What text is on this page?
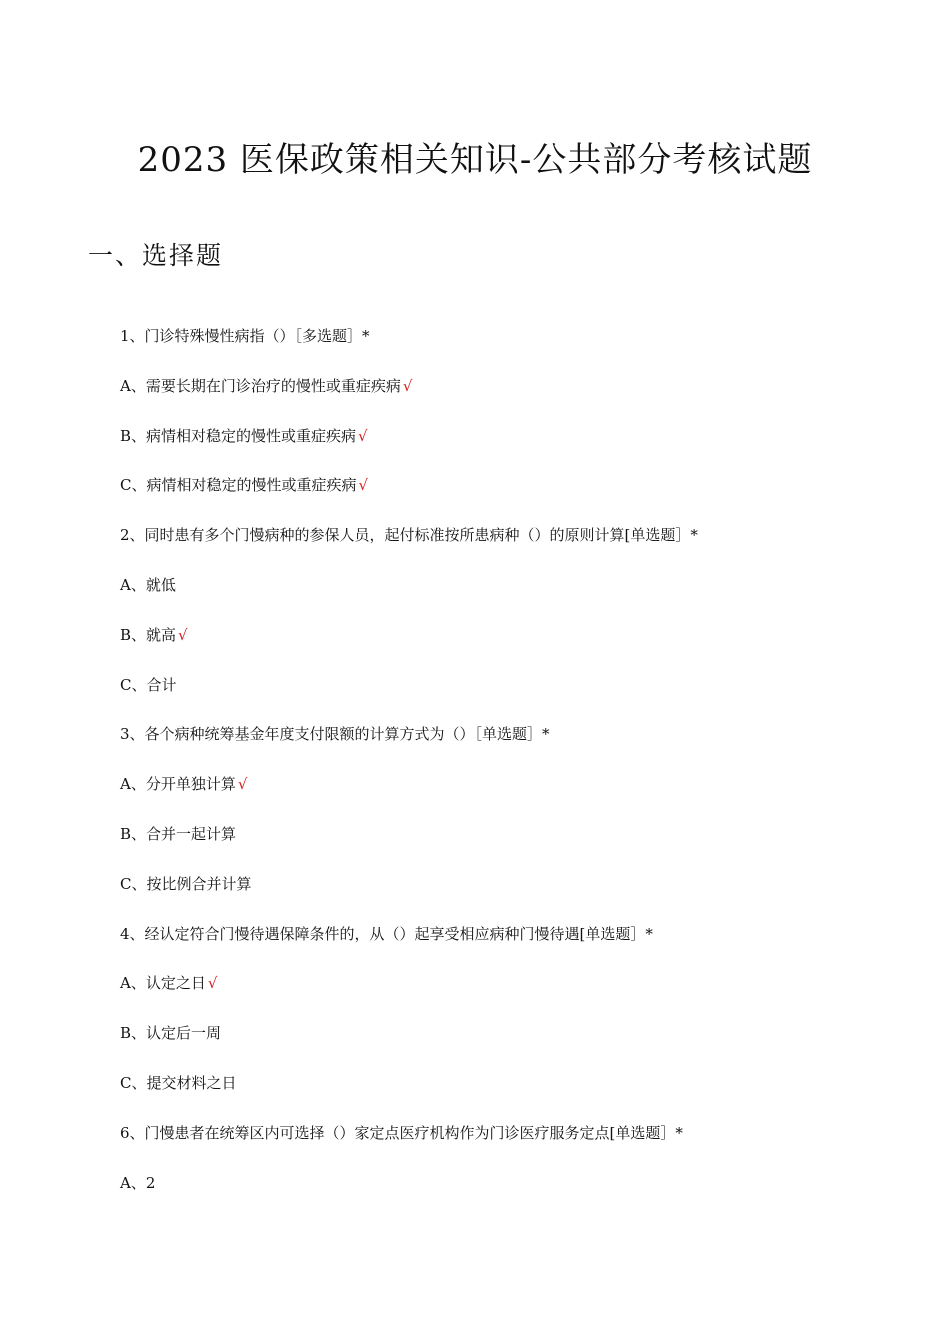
2023 医保政策相关知识-公共部分考核试题
一、选择题
1、门诊特殊慢性病指（）［多选题］*
A、需要长期在门诊治疗的慢性或重症疾病 √
B、病情相对稳定的慢性或重症疾病 √
C、病情相对稳定的慢性或重症疾病 √
2、同时患有多个门慢病种的参保人员，起付标准按所患病种（）的原则计算[单选题］*
A、就低
B、就高 √
C、合计
3、各个病种统筹基金年度支付限额的计算方式为（）［单选题］*
A、分开单独计算 √
B、合并一起计算
C、按比例合并计算
4、经认定符合门慢待遇保障条件的，从（）起享受相应病种门慢待遇[单选题］*
A、认定之日 √
B、认定后一周
C、提交材料之日
6、门慢患者在统筹区内可选择（）家定点医疗机构作为门诊医疗服务定点[单选题］*
A、2
